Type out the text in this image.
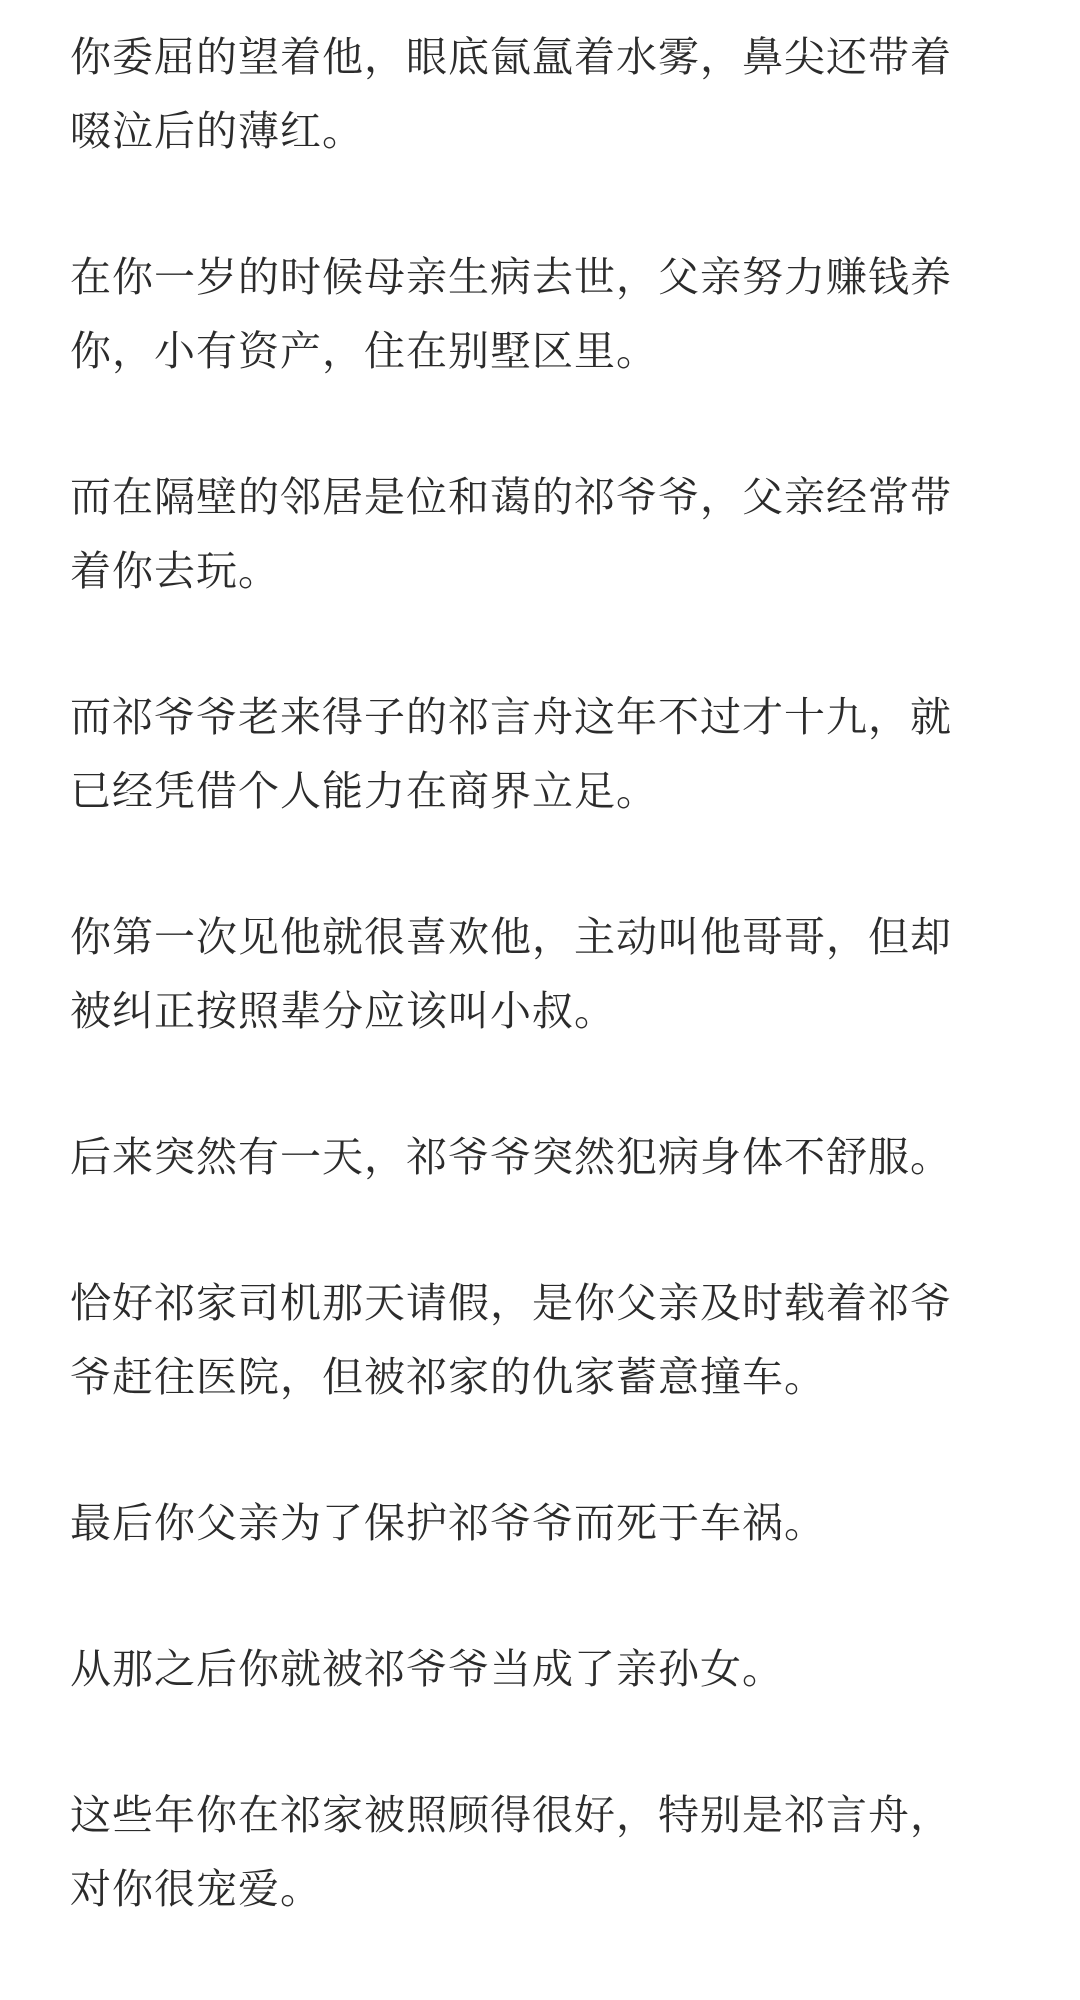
你委屈的望着他，眼底氤氲着水雾，鼻尖还带着啜泣后的薄红。

在你一岁的时候母亲生病去世，父亲努力赚钱养你，小有资产，住在别墅区里。

而在隔壁的邻居是位和蔼的祁爷爷，父亲经常带着你去玩。

而祁爷爷老来得子的祁言舟这年不过才十九，就已经凭借个人能力在商界立足。

你第一次见他就很喜欢他，主动叫他哥哥，但却被纠正按照辈分应该叫小叔。

后来突然有一天，祁爷爷突然犯病身体不舒服。

恰好祁家司机那天请假，是你父亲及时载着祁爷爷赶往医院，但被祁家的仇家蓄意撞车。

最后你父亲为了保护祁爷爷而死于车祸。

从那之后你就被祁爷爷当成了亲孙女。

这些年你在祁家被照顾得很好，特别是祁言舟，对你很宠爱。
